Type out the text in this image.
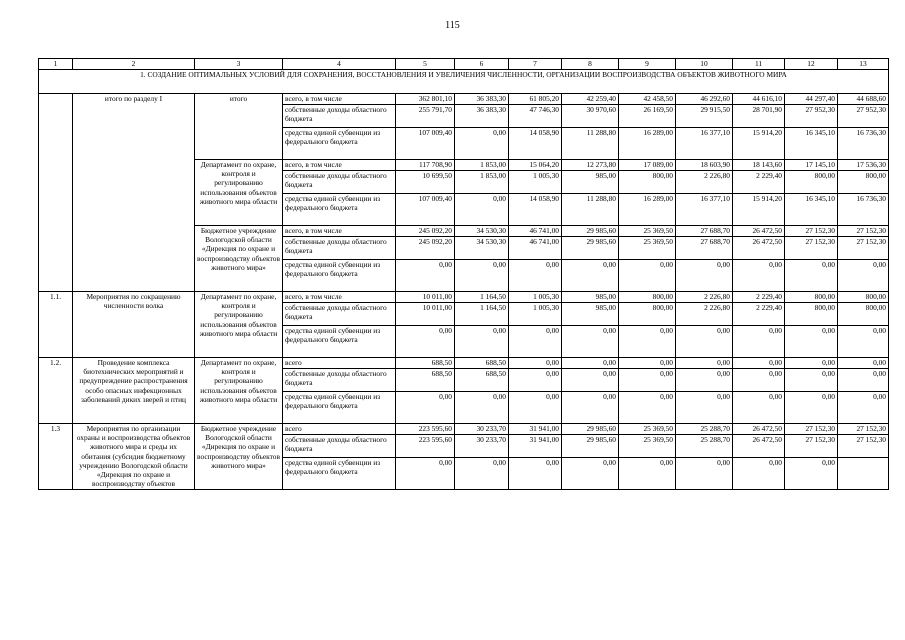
115
1	2	3	4	5	6	7	8	9	10	11	12	13
1. СОЗДАНИЕ ОПТИМАЛЬНЫХ УСЛОВИЙ ДЛЯ СОХРАНЕНИЯ, ВОССТАНОВЛЕНИЯ И УВЕЛИЧЕНИЯ ЧИСЛЕННОСТИ, ОРГАНИЗАЦИИ ВОСПРОИЗВОДСТВА ОБЪЕКТОВ ЖИВОТНОГО МИРА												
	итого по разделу I	итого	всего, в том числе	362 801,10	36 383,30	61 805,20	42 259,40	42 458,50	46 292,60	44 616,10	44 297,40	44 688,60
			собственные доходы областного бюджета	255 791,70	36 383,30	47 746,30	30 970,60	26 169,50	29 915,50	28 701,90	27 952,30	27 952,30
			средства единой субвенции из федерального бюджета	107 009,40	0,00	14 058,90	11 288,80	16 289,00	16 377,10	15 914,20	16 345,10	16 736,30
		Департамент по охране, контроля и регулированию использования объектов животного мира области	всего, в том числе	117 708,90	1 853,00	15 064,20	12 273,80	17 089,00	18 603,90	18 143,60	17 145,10	17 536,30
			собственные доходы областного бюджета	10 699,50	1 853,00	1 005,30	985,00	800,00	2 226,80	2 229,40	800,00	800,00
			средства единой субвенции из федерального бюджета	107 009,40	0,00	14 058,90	11 288,80	16 289,00	16 377,10	15 914,20	16 345,10	16 736,30
		Бюджетное учреждение Вологодской области «Дирекция по охране и воспроизводству объектов животного мира»	всего, в том числе	245 092,20	34 530,30	46 741,00	29 985,60	25 369,50	27 688,70	26 472,50	27 152,30	27 152,30
			собственные доходы областного бюджета	245 092,20	34 530,30	46 741,00	29 985,60	25 369,50	27 688,70	26 472,50	27 152,30	27 152,30
			средства единой субвенции из федерального бюджета	0,00	0,00	0,00	0,00	0,00	0,00	0,00	0,00	0,00
1.1.	Мероприятия по сокращению численности волка	Департамент по охране, контроля и регулированию использования объектов животного мира области	всего, в том числе	10 011,00	1 164,50	1 005,30	985,00	800,00	2 226,80	2 229,40	800,00	800,00
			собственные доходы областного бюджета	10 011,00	1 164,50	1 005,30	985,00	800,00	2 226,80	2 229,40	800,00	800,00
			средства единой субвенции из федерального бюджета	0,00	0,00	0,00	0,00	0,00	0,00	0,00	0,00	0,00
1.2.	Проведение комплекса биотехнических мероприятий и предупреждение распространения особо опасных инфекционных заболеваний диких зверей и птиц	Департамент по охране, контроля и регулированию использования объектов животного мира области	всего	688,50	688,50	0,00	0,00	0,00	0,00	0,00	0,00	0,00
			собственные доходы областного бюджета	688,50	688,50	0,00	0,00	0,00	0,00	0,00	0,00	0,00
			средства единой субвенции из федерального бюджета	0,00	0,00	0,00	0,00	0,00	0,00	0,00	0,00	0,00
1.3	Мероприятия по организации охраны и воспроизводства объектов животного мира и среды их обитания (субсидия бюджетному учреждению Вологодской области «Дирекция по охране и воспроизводству объектов	Бюджетное учреждение Вологодской области «Дирекция по охране и воспроизводству объектов животного мира»	всего	223 595,60	30 233,70	31 941,00	29 985,60	25 369,50	25 288,70	26 472,50	27 152,30	27 152,30
			собственные доходы областного бюджета	223 595,60	30 233,70	31 941,00	29 985,60	25 369,50	25 288,70	26 472,50	27 152,30	27 152,30
			средства единой субвенции из федерального бюджета	0,00	0,00	0,00	0,00	0,00	0,00	0,00	0,00	
